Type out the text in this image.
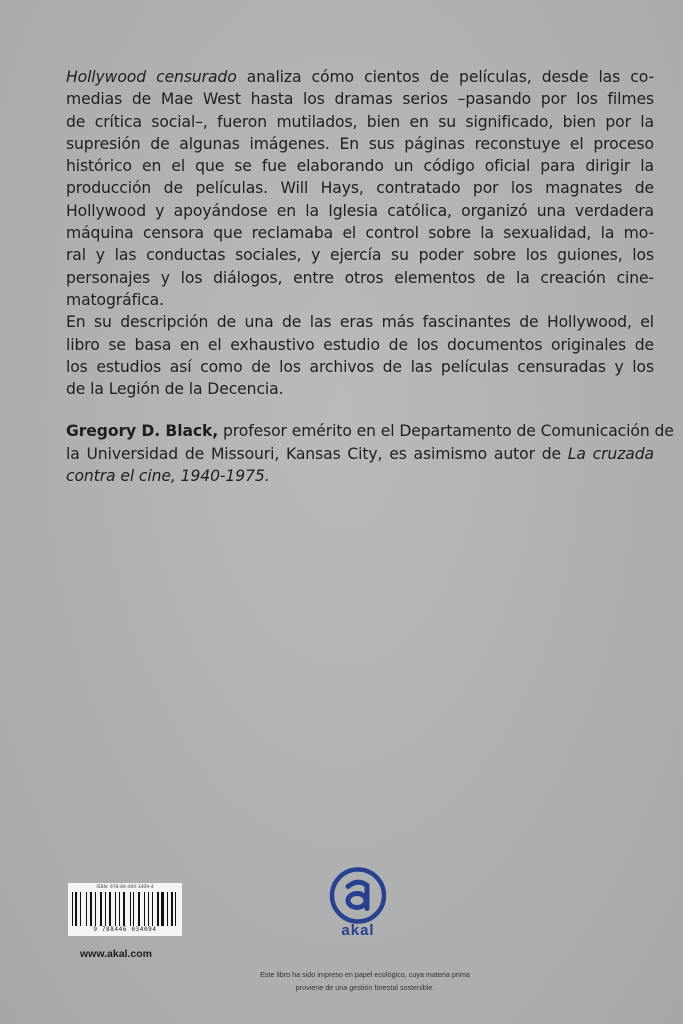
Hollywood censurado analiza cómo cientos de películas, desde las co-
medias de Mae West hasta los dramas serios –pasando por los filmes
de crítica social–, fueron mutilados, bien en su significado, bien por la
supresión de algunas imágenes. En sus páginas reconstuye el proceso
histórico en el que se fue elaborando un código oficial para dirigir la
producción de películas. Will Hays, contratado por los magnates de
Hollywood y apoyándose en la Iglesia católica, organizó una verdadera
máquina censora que reclamaba el control sobre la sexualidad, la mo-
ral y las conductas sociales, y ejercía su poder sobre los guiones, los
personajes y los diálogos, entre otros elementos de la creación cine-
matográfica.

En su descripción de una de las eras más fascinantes de Hollywood, el
libro se basa en el exhaustivo estudio de los documentos originales de
los estudios así como de los archivos de las películas censuradas y los
de la Legión de la Decencia.

Gregory D. Black, profesor emérito en el Departamento de Comunicación de
la Universidad de Missouri, Kansas City, es asimismo autor de La cruzada
contra el cine, 1940-1975.

ISBN: 978-84-460-3409-4
9 788446 034094
www.akal.com
akal
Este libro ha sido impreso en papel ecológico, cuya materia prima
proviene de una gestión forestal sostenible.
